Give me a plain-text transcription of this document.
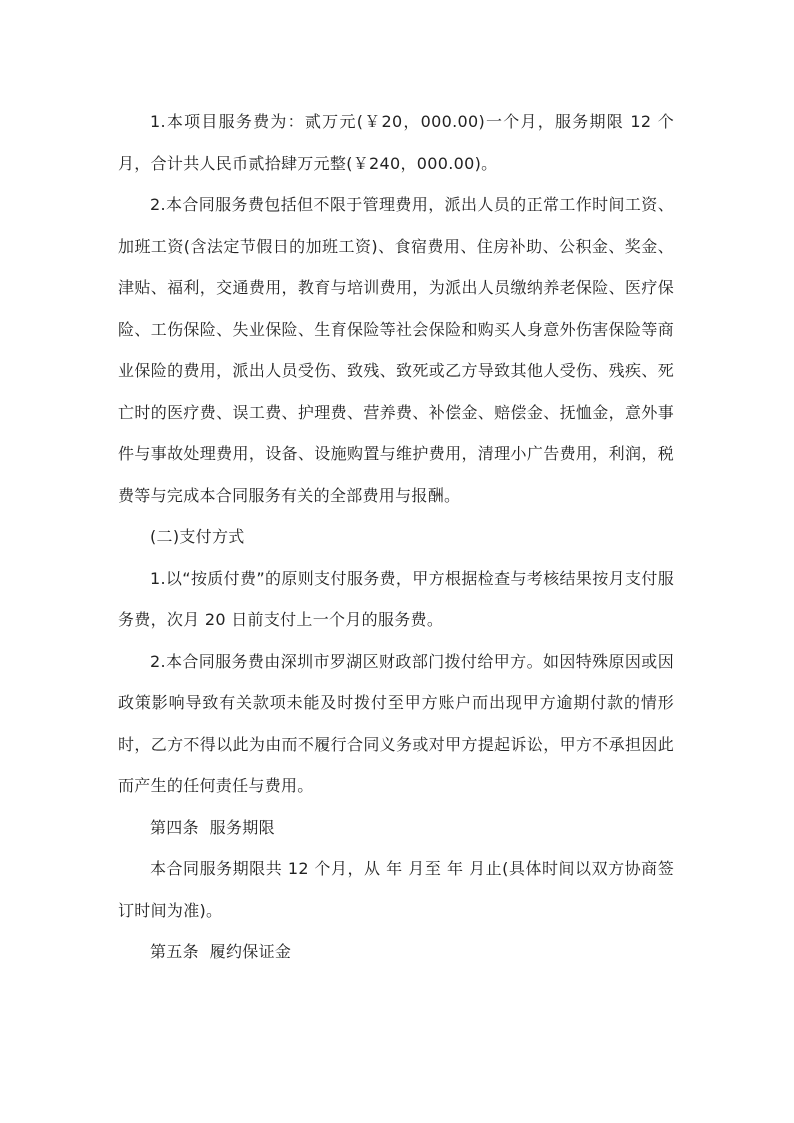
1.本项目服务费为：贰万元(￥20，000.00)一个月，服务期限 12 个月，合计共人民币贰拾肆万元整(￥240，000.00)。

2.本合同服务费包括但不限于管理费用，派出人员的正常工作时间工资、加班工资(含法定节假日的加班工资)、食宿费用、住房补助、公积金、奖金、津贴、福利，交通费用，教育与培训费用，为派出人员缴纳养老保险、医疗保险、工伤保险、失业保险、生育保险等社会保险和购买人身意外伤害保险等商业保险的费用，派出人员受伤、致残、致死或乙方导致其他人受伤、残疾、死亡时的医疗费、误工费、护理费、营养费、补偿金、赔偿金、抚恤金，意外事件与事故处理费用，设备、设施购置与维护费用，清理小广告费用，利润，税费等与完成本合同服务有关的全部费用与报酬。

(二)支付方式

1.以“按质付费”的原则支付服务费，甲方根据检查与考核结果按月支付服务费，次月 20 日前支付上一个月的服务费。

2.本合同服务费由深圳市罗湖区财政部门拨付给甲方。如因特殊原因或因政策影响导致有关款项未能及时拨付至甲方账户而出现甲方逾期付款的情形时，乙方不得以此为由而不履行合同义务或对甲方提起诉讼，甲方不承担因此而产生的任何责任与费用。

第四条  服务期限

本合同服务期限共 12 个月，从 年 月至 年 月止(具体时间以双方协商签订时间为准)。

第五条  履约保证金
